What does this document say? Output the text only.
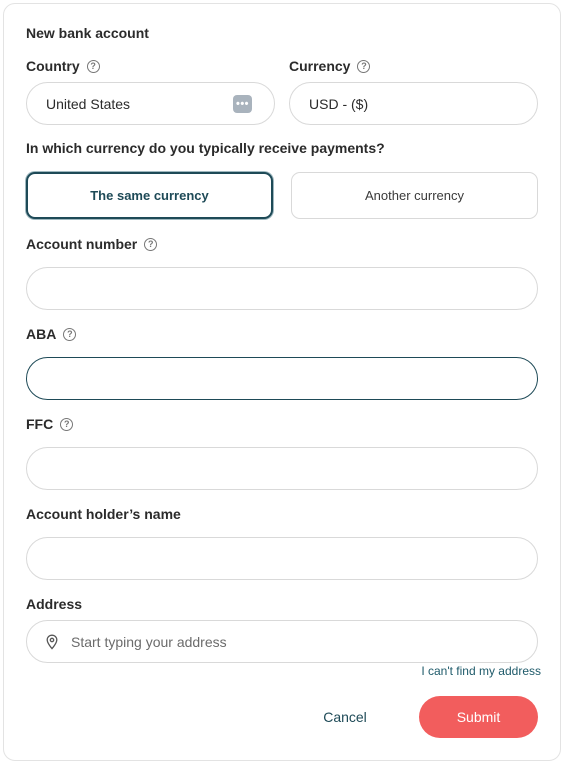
New bank account
Country	?
United States	•••
Currency	?
USD - ($)
In which currency do you typically receive payments?
The same currency	Another currency
Account number	?
ABA	?
FFC	?
Account holder’s name
Address
Start typing your address
I can't find my address
Cancel	Submit
